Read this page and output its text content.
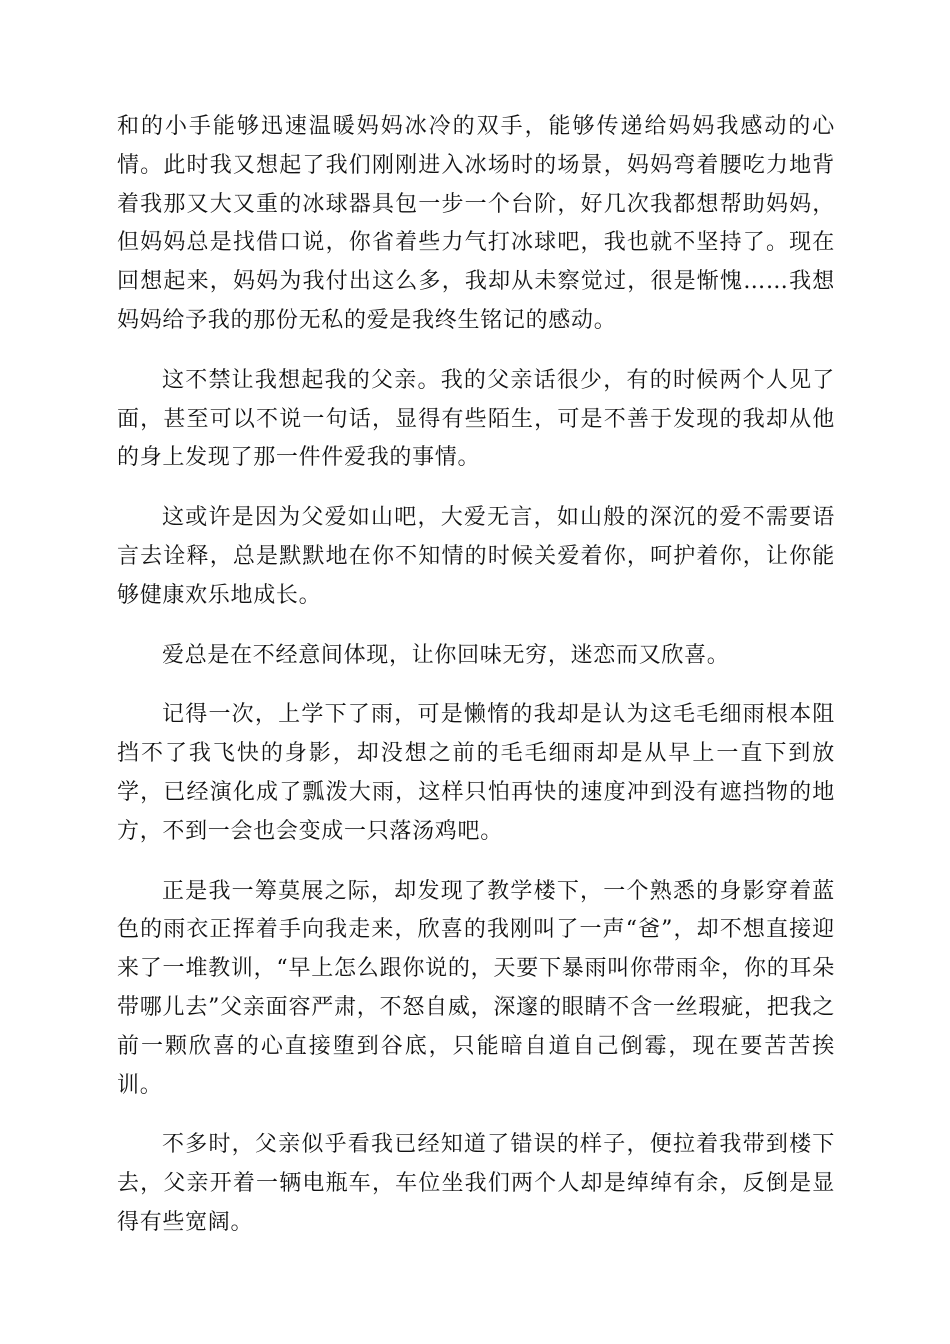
和的小手能够迅速温暖妈妈冰冷的双手，能够传递给妈妈我感动的心情。此时我又想起了我们刚刚进入冰场时的场景，妈妈弯着腰吃力地背着我那又大又重的冰球器具包一步一个台阶，好几次我都想帮助妈妈，但妈妈总是找借口说，你省着些力气打冰球吧，我也就不坚持了。现在回想起来，妈妈为我付出这么多，我却从未察觉过，很是惭愧……我想妈妈给予我的那份无私的爱是我终生铭记的感动。

这不禁让我想起我的父亲。我的父亲话很少，有的时候两个人见了面，甚至可以不说一句话，显得有些陌生，可是不善于发现的我却从他的身上发现了那一件件爱我的事情。

这或许是因为父爱如山吧，大爱无言，如山般的深沉的爱不需要语言去诠释，总是默默地在你不知情的时候关爱着你，呵护着你，让你能够健康欢乐地成长。

爱总是在不经意间体现，让你回味无穷，迷恋而又欣喜。

记得一次，上学下了雨，可是懒惰的我却是认为这毛毛细雨根本阻挡不了我飞快的身影，却没想之前的毛毛细雨却是从早上一直下到放学，已经演化成了瓢泼大雨，这样只怕再快的速度冲到没有遮挡物的地方，不到一会也会变成一只落汤鸡吧。

正是我一筹莫展之际，却发现了教学楼下，一个熟悉的身影穿着蓝色的雨衣正挥着手向我走来，欣喜的我刚叫了一声“爸”，却不想直接迎来了一堆教训，“早上怎么跟你说的，天要下暴雨叫你带雨伞，你的耳朵带哪儿去”父亲面容严肃，不怒自威，深邃的眼睛不含一丝瑕疵，把我之前一颗欣喜的心直接堕到谷底，只能暗自道自己倒霉，现在要苦苦挨训。

不多时，父亲似乎看我已经知道了错误的样子，便拉着我带到楼下去，父亲开着一辆电瓶车，车位坐我们两个人却是绰绰有余，反倒是显得有些宽阔。
